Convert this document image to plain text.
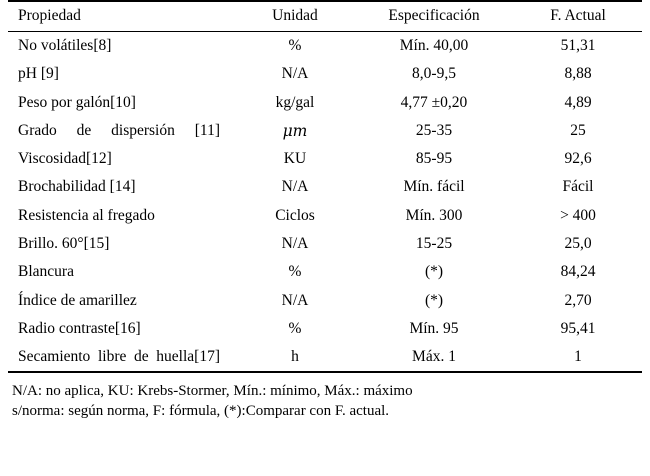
Propiedad	Unidad	Especificación	F. Actual
No volátiles[8]	%	Mín. 40,00	51,31
pH [9]	N/A	8,0-9,5	8,88
Peso por galón[10]	kg/gal	4,77 ±0,20	4,89
Grado de dispersión [11]	μm	25-35	25
Viscosidad[12]	KU	85-95	92,6
Brochabilidad [14]	N/A	Mín. fácil	Fácil
Resistencia al fregado	Ciclos	Mín. 300	> 400
Brillo. 60°[15]	N/A	15-25	25,0
Blancura	%	(*)	84,24
Índice de amarillez	N/A	(*)	2,70
Radio contraste[16]	%	Mín. 95	95,41
Secamiento libre de huella[17]	h	Máx. 1	1
N/A: no aplica, KU: Krebs-Stormer, Mín.: mínimo, Máx.: máximo
s/norma: según norma, F: fórmula, (*):Comparar con F. actual.
